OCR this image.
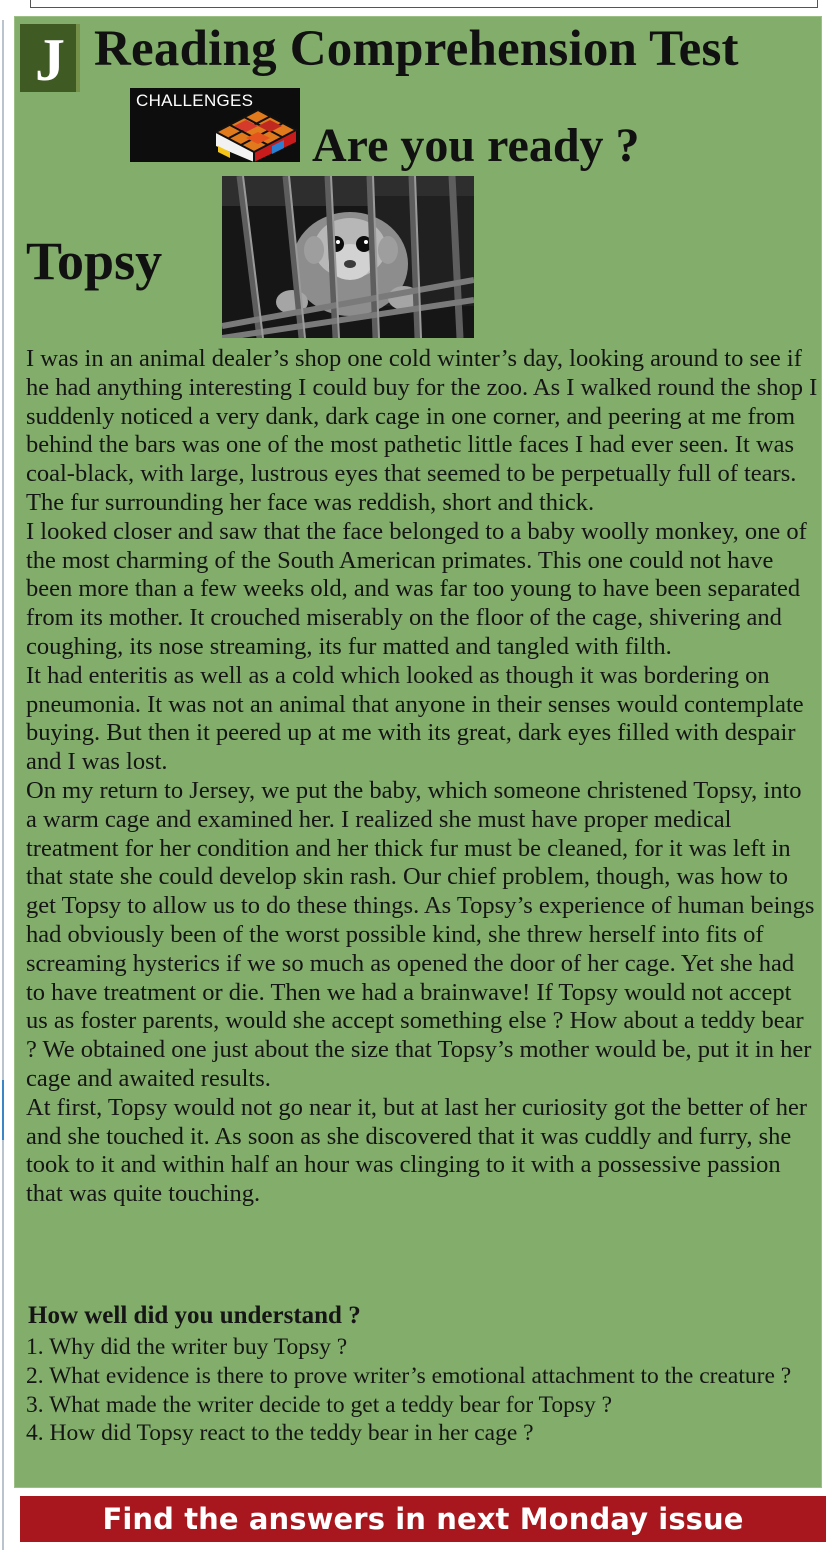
J Reading Comprehension Test
CHALLENGES
Are you ready ?
Topsy

I was in an animal dealer’s shop one cold winter’s day, looking around to see if he had anything interesting I could buy for the zoo. As I walked round the shop I suddenly noticed a very dank, dark cage in one corner, and peering at me from behind the bars was one of the most pathetic little faces I had ever seen. It was coal-black, with large, lustrous eyes that seemed to be perpetually full of tears. The fur surrounding her face was reddish, short and thick.

I looked closer and saw that the face belonged to a baby woolly monkey, one of the most charming of the South American primates. This one could not have been more than a few weeks old, and was far too young to have been separated from its mother. It crouched miserably on the floor of the cage, shivering and coughing, its nose streaming, its fur matted and tangled with filth.

It had enteritis as well as a cold which looked as though it was bordering on pneumonia. It was not an animal that anyone in their senses would contemplate buying. But then it peered up at me with its great, dark eyes filled with despair and I was lost.

On my return to Jersey, we put the baby, which someone christened Topsy, into a warm cage and examined her. I realized she must have proper medical treatment for her condition and her thick fur must be cleaned, for it was left in that state she could develop skin rash. Our chief problem, though, was how to get Topsy to allow us to do these things. As Topsy’s experience of human beings had obviously been of the worst possible kind, she threw herself into fits of screaming hysterics if we so much as opened the door of her cage. Yet she had to have treatment or die. Then we had a brainwave! If Topsy would not accept us as foster parents, would she accept something else ? How about a teddy bear ? We obtained one just about the size that Topsy’s mother would be, put it in her cage and awaited results.

At first, Topsy would not go near it, but at last her curiosity got the better of her and she touched it. As soon as she discovered that it was cuddly and furry, she took to it and within half an hour was clinging to it with a possessive passion that was quite touching.

How well did you understand ?
1. Why did the writer buy Topsy ?
2. What evidence is there to prove writer’s emotional attachment to the creature ?
3. What made the writer decide to get a teddy bear for Topsy ?
4. How did Topsy react to the teddy bear in her cage ?
Find the answers in next Monday issue
